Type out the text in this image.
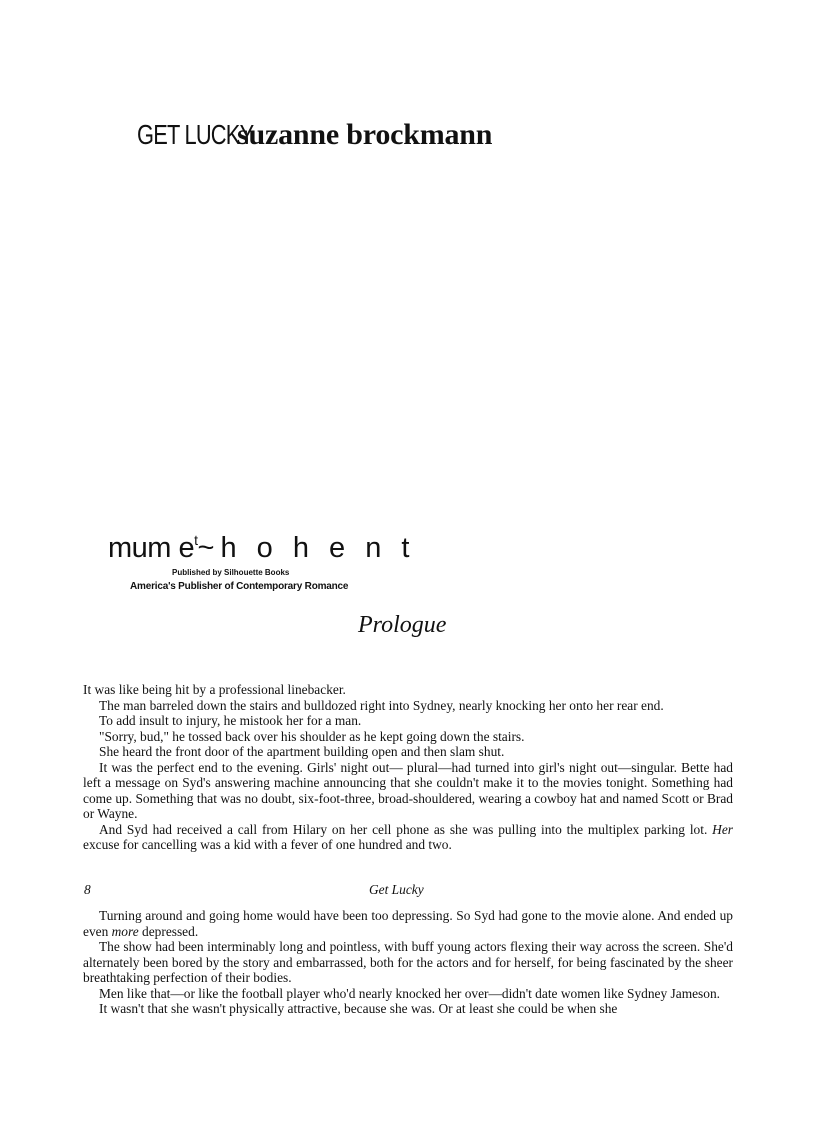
GET LUCKYsuzanne brockmann
mum $e^t\sim h$ o h e n t
Published by Silhouette Books
America's Publisher of Contemporary Romance
Prologue

It was like being hit by a professional linebacker.

The man barreled down the stairs and bulldozed right into Sydney, nearly knocking her onto her rear end.

To add insult to injury, he mistook her for a man.

"Sorry, bud," he tossed back over his shoulder as he kept going down the stairs.

She heard the front door of the apartment building open and then slam shut.

It was the perfect end to the evening. Girls' night out— plural—had turned into girl's night out—singular. Bette had left a message on Syd's answering machine announcing that she couldn't make it to the movies tonight. Something had come up. Something that was no doubt, six-foot-three, broad-shouldered, wearing a cowboy hat and named Scott or Brad or Wayne.

And Syd had received a call from Hilary on her cell phone as she was pulling into the multiplex parking lot. Her excuse for cancelling was a kid with a fever of one hundred and two.

8	Get Lucky

Turning around and going home would have been too depressing. So Syd had gone to the movie alone. And ended up even more depressed.

The show had been interminably long and pointless, with buff young actors flexing their way across the screen. She'd alternately been bored by the story and embarrassed, both for the actors and for herself, for being fascinated by the sheer breathtaking perfection of their bodies.

Men like that—or like the football player who'd nearly knocked her over—didn't date women like Sydney Jameson.

It wasn't that she wasn't physically attractive, because she was. Or at least she could be when she
